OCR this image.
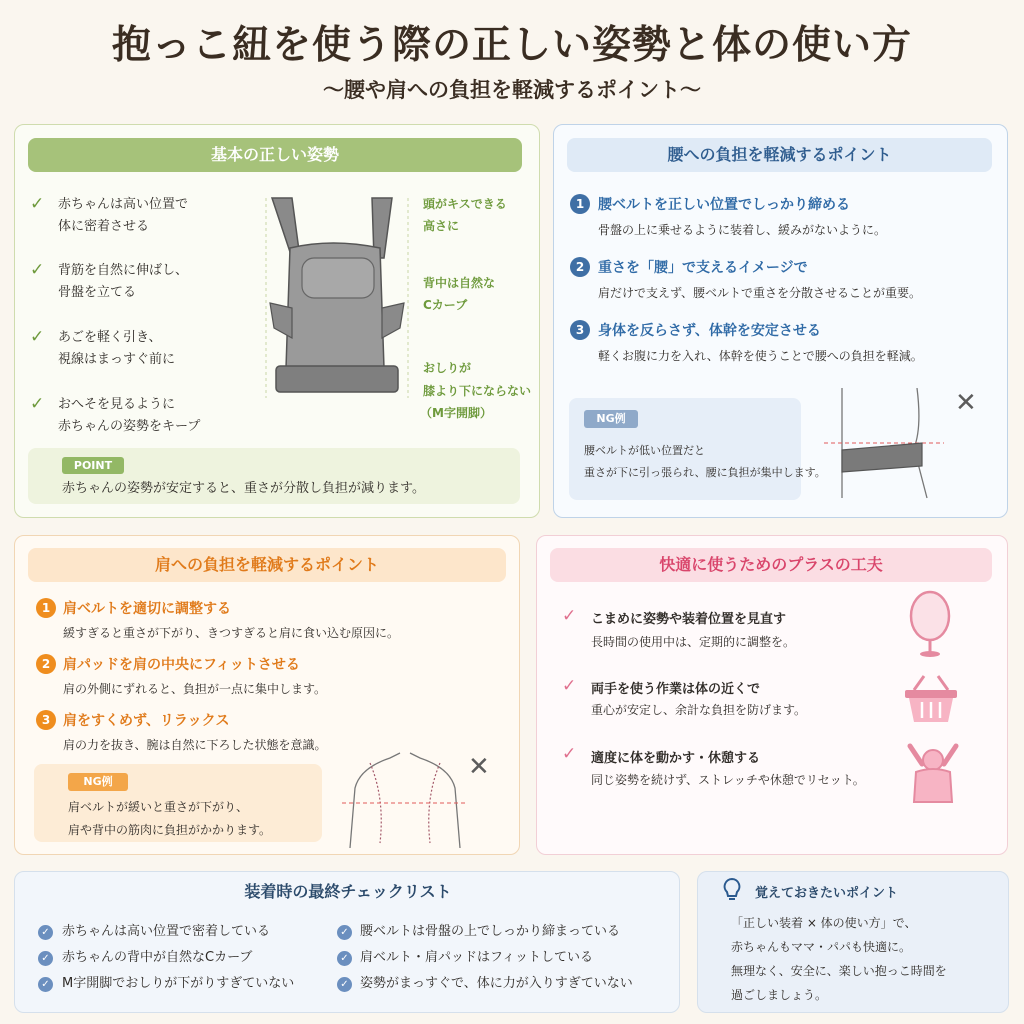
抱っこ紐を使う際の正しい姿勢と体の使い方
〜腰や肩への負担を軽減するポイント〜
基本の正しい姿勢
✓ 赤ちゃんは高い位置で
体に密着させる
✓ 背筋を自然に伸ばし、
骨盤を立てる
✓ あごを軽く引き、
視線はまっすぐ前に
✓ おへそを見るように
赤ちゃんの姿勢をキープ
頭がキスできる
高さに
背中は自然な
Cカーブ
おしりが
膝より下にならない
（M字開脚）
POINT
赤ちゃんの姿勢が安定すると、重さが分散し負担が減ります。
腰への負担を軽減するポイント
1 腰ベルトを正しい位置でしっかり締める
骨盤の上に乗せるように装着し、緩みがないように。
2 重さを「腰」で支えるイメージで
肩だけで支えず、腰ベルトで重さを分散させることが重要。
3 身体を反らさず、体幹を安定させる
軽くお腹に力を入れ、体幹を使うことで腰への負担を軽減。
NG例
腰ベルトが低い位置だと
重さが下に引っ張られ、腰に負担が集中します。
✕
肩への負担を軽減するポイント
1 肩ベルトを適切に調整する
緩すぎると重さが下がり、きつすぎると肩に食い込む原因に。
2 肩パッドを肩の中央にフィットさせる
肩の外側にずれると、負担が一点に集中します。
3 肩をすくめず、リラックス
肩の力を抜き、腕は自然に下ろした状態を意識。
NG例
肩ベルトが緩いと重さが下がり、
肩や背中の筋肉に負担がかかります。
✕
快適に使うためのプラスの工夫
✓ こまめに姿勢や装着位置を見直す
長時間の使用中は、定期的に調整を。
✓ 両手を使う作業は体の近くで
重心が安定し、余計な負担を防げます。
✓ 適度に体を動かす・休憩する
同じ姿勢を続けず、ストレッチや休憩でリセット。
装着時の最終チェックリスト
✓ 赤ちゃんは高い位置で密着している
✓ 赤ちゃんの背中が自然なCカーブ
✓ M字開脚でおしりが下がりすぎていない
✓ 腰ベルトは骨盤の上でしっかり締まっている
✓ 肩ベルト・肩パッドはフィットしている
✓ 姿勢がまっすぐで、体に力が入りすぎていない
覚えておきたいポイント
「正しい装着 × 体の使い方」で、
赤ちゃんもママ・パパも快適に。
無理なく、安全に、楽しい抱っこ時間を
過ごしましょう。
